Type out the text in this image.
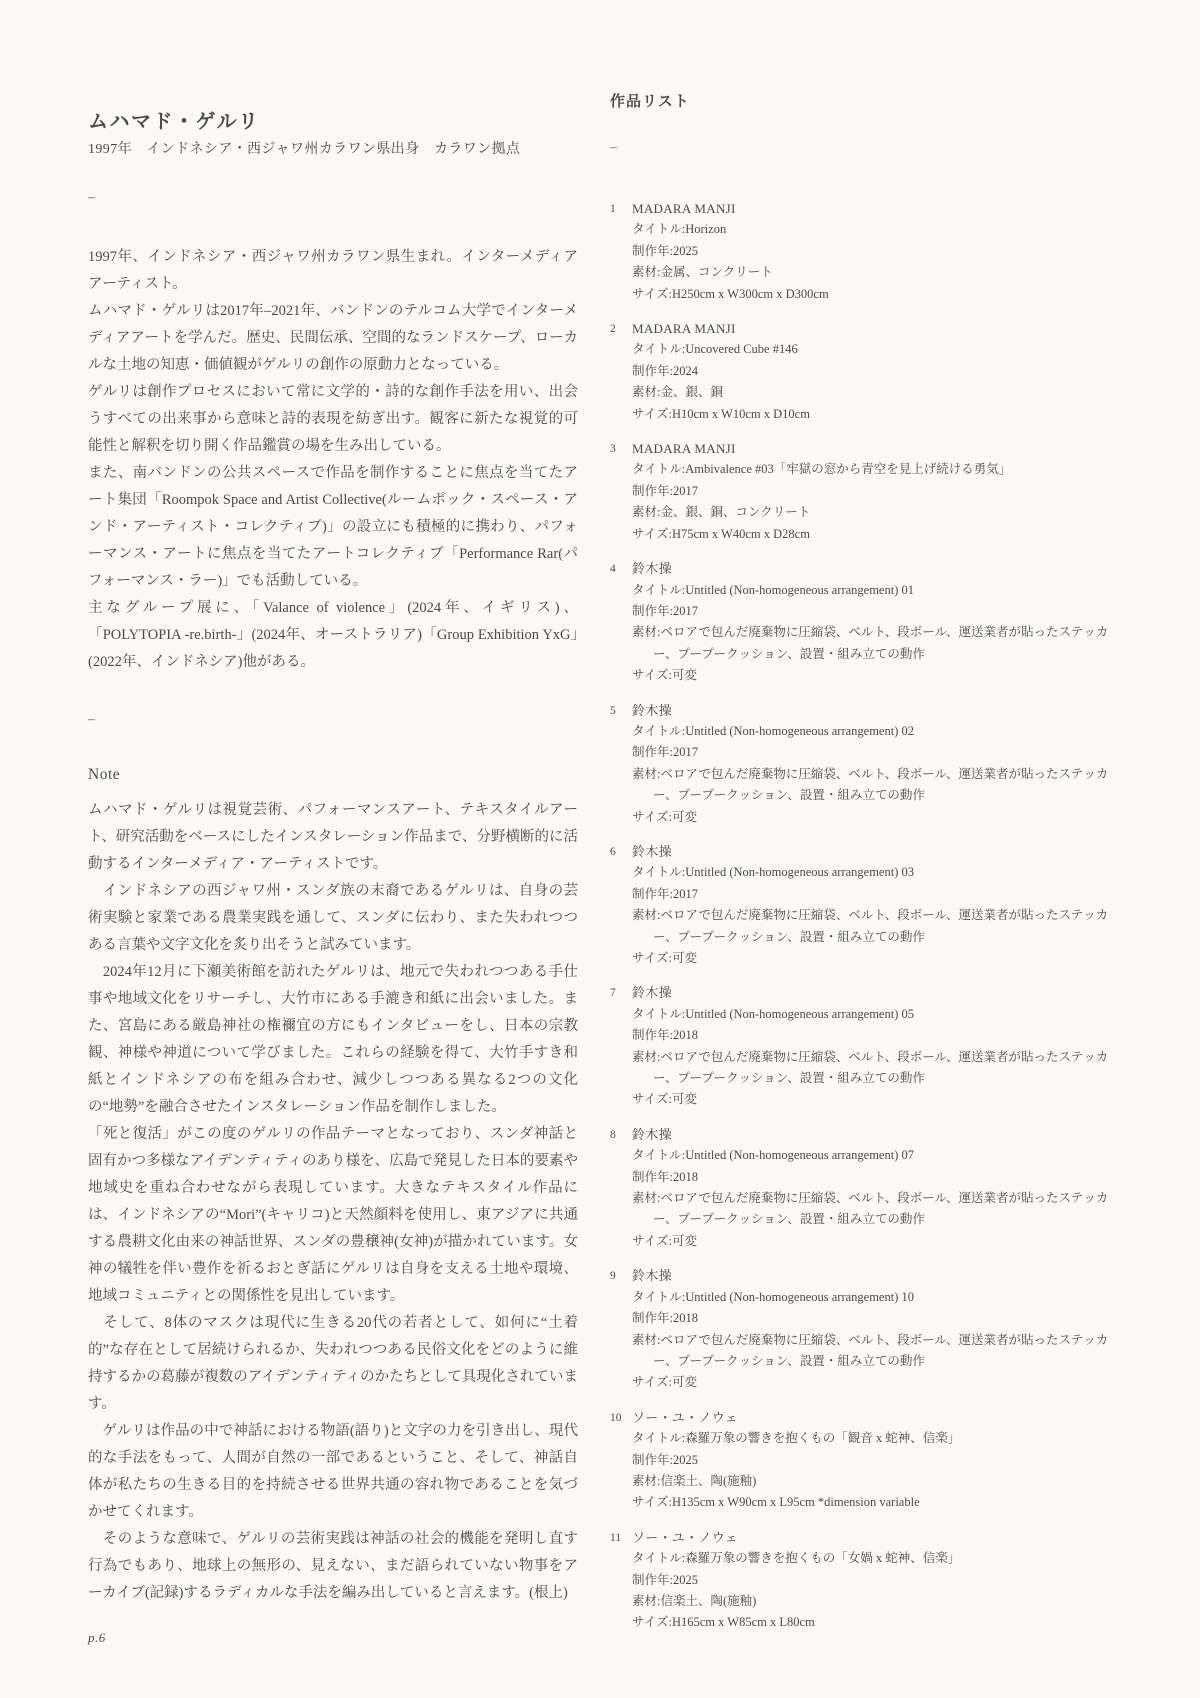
ムハマド・ゲルリ
1997年　インドネシア・西ジャワ州カラワン県出身　カラワン拠点
–

1997年、インドネシア・西ジャワ州カラワン県生まれ。インターメディアアーティスト。

ムハマド・ゲルリは2017年–2021年、バンドンのテルコム大学でインターメディアアートを学んだ。歴史、民間伝承、空間的なランドスケープ、ローカルな土地の知恵・価値観がゲルリの創作の原動力となっている。

ゲルリは創作プロセスにおいて常に文学的・詩的な創作手法を用い、出会うすべての出来事から意味と詩的表現を紡ぎ出す。観客に新たな視覚的可能性と解釈を切り開く作品鑑賞の場を生み出している。

また、南バンドンの公共スペースで作品を制作することに焦点を当てたアート集団「Roompok Space and Artist Collective(ルームポック・スペース・アンド・アーティスト・コレクティブ)」の設立にも積極的に携わり、パフォーマンス・アートに焦点を当てたアートコレクティブ「Performance Rar(パフォーマンス・ラー)」でも活動している。

主なグループ展に、「Valance of violence」(2024年、イギリス)、「POLYTOPIA -re.birth-」(2024年、オーストラリア)「Group Exhibition YxG」(2022年、インドネシア)他がある。

–
Note

ムハマド・ゲルリは視覚芸術、パフォーマンスアート、テキスタイルアート、研究活動をベースにしたインスタレーション作品まで、分野横断的に活動するインターメディア・アーティストです。

　インドネシアの西ジャワ州・スンダ族の末裔であるゲルリは、自身の芸術実験と家業である農業実践を通して、スンダに伝わり、また失われつつある言葉や文字文化を炙り出そうと試みています。

　2024年12月に下瀬美術館を訪れたゲルリは、地元で失われつつある手仕事や地域文化をリサーチし、大竹市にある手漉き和紙に出会いました。また、宮島にある厳島神社の権禰宜の方にもインタビューをし、日本の宗教観、神様や神道について学びました。これらの経験を得て、大竹手すき和紙とインドネシアの布を組み合わせ、減少しつつある異なる2つの文化の“地勢”を融合させたインスタレーション作品を制作しました。

「死と復活」がこの度のゲルリの作品テーマとなっており、スンダ神話と固有かつ多様なアイデンティティのあり様を、広島で発見した日本的要素や地域史を重ね合わせながら表現しています。大きなテキスタイル作品には、インドネシアの“Mori”(キャリコ)と天然顔料を使用し、東アジアに共通する農耕文化由来の神話世界、スンダの豊穣神(女神)が描かれています。女神の犠牲を伴い豊作を祈るおとぎ話にゲルリは自身を支える土地や環境、地域コミュニティとの関係性を見出しています。

　そして、8体のマスクは現代に生きる20代の若者として、如何に“土着的”な存在として居続けられるか、失われつつある民俗文化をどのように維持するかの葛藤が複数のアイデンティティのかたちとして具現化されています。

　ゲルリは作品の中で神話における物語(語り)と文字の力を引き出し、現代的な手法をもって、人間が自然の一部であるということ、そして、神話自体が私たちの生きる目的を持続させる世界共通の容れ物であることを気づかせてくれます。

　そのような意味で、ゲルリの芸術実践は神話の社会的機能を発明し直す行為でもあり、地球上の無形の、見えない、まだ語られていない物事をアーカイブ(記録)するラディカルな手法を編み出していると言えます。(根上)

p.6
作品リスト
–
1	MADARA MANJI
タイトル:Horizon
制作年:2025
素材:金属、コンクリート
サイズ:H250cm x W300cm x D300cm
2	MADARA MANJI
タイトル:Uncovered Cube #146
制作年:2024
素材:金、銀、銅
サイズ:H10cm x W10cm x D10cm
3	MADARA MANJI
タイトル:Ambivalence #03「牢獄の窓から青空を見上げ続ける勇気」
制作年:2017
素材:金、銀、銅、コンクリート
サイズ:H75cm x W40cm x D28cm
4	鈴木操
タイトル:Untitled (Non-homogeneous arrangement) 01
制作年:2017
素材:ベロアで包んだ廃棄物に圧縮袋、ベルト、段ボール、運送業者が貼ったステッカー、プープークッション、設置・組み立ての動作
サイズ:可変
5	鈴木操
タイトル:Untitled (Non-homogeneous arrangement) 02
制作年:2017
素材:ベロアで包んだ廃棄物に圧縮袋、ベルト、段ボール、運送業者が貼ったステッカー、プープークッション、設置・組み立ての動作
サイズ:可変
6	鈴木操
タイトル:Untitled (Non-homogeneous arrangement) 03
制作年:2017
素材:ベロアで包んだ廃棄物に圧縮袋、ベルト、段ボール、運送業者が貼ったステッカー、プープークッション、設置・組み立ての動作
サイズ:可変
7	鈴木操
タイトル:Untitled (Non-homogeneous arrangement) 05
制作年:2018
素材:ベロアで包んだ廃棄物に圧縮袋、ベルト、段ボール、運送業者が貼ったステッカー、プープークッション、設置・組み立ての動作
サイズ:可変
8	鈴木操
タイトル:Untitled (Non-homogeneous arrangement) 07
制作年:2018
素材:ベロアで包んだ廃棄物に圧縮袋、ベルト、段ボール、運送業者が貼ったステッカー、プープークッション、設置・組み立ての動作
サイズ:可変
9	鈴木操
タイトル:Untitled (Non-homogeneous arrangement) 10
制作年:2018
素材:ベロアで包んだ廃棄物に圧縮袋、ベルト、段ボール、運送業者が貼ったステッカー、プープークッション、設置・組み立ての動作
サイズ:可変
10 ソー・ユ・ノウェ
タイトル:森羅万象の響きを抱くもの「観音 x 蛇神、信楽」
制作年:2025
素材:信楽土、陶(施釉)
サイズ:H135cm x W90cm x L95cm *dimension variable
11 ソー・ユ・ノウェ
タイトル:森羅万象の響きを抱くもの「女媧 x 蛇神、信楽」
制作年:2025
素材:信楽土、陶(施釉)
サイズ:H165cm x W85cm x L80cm
